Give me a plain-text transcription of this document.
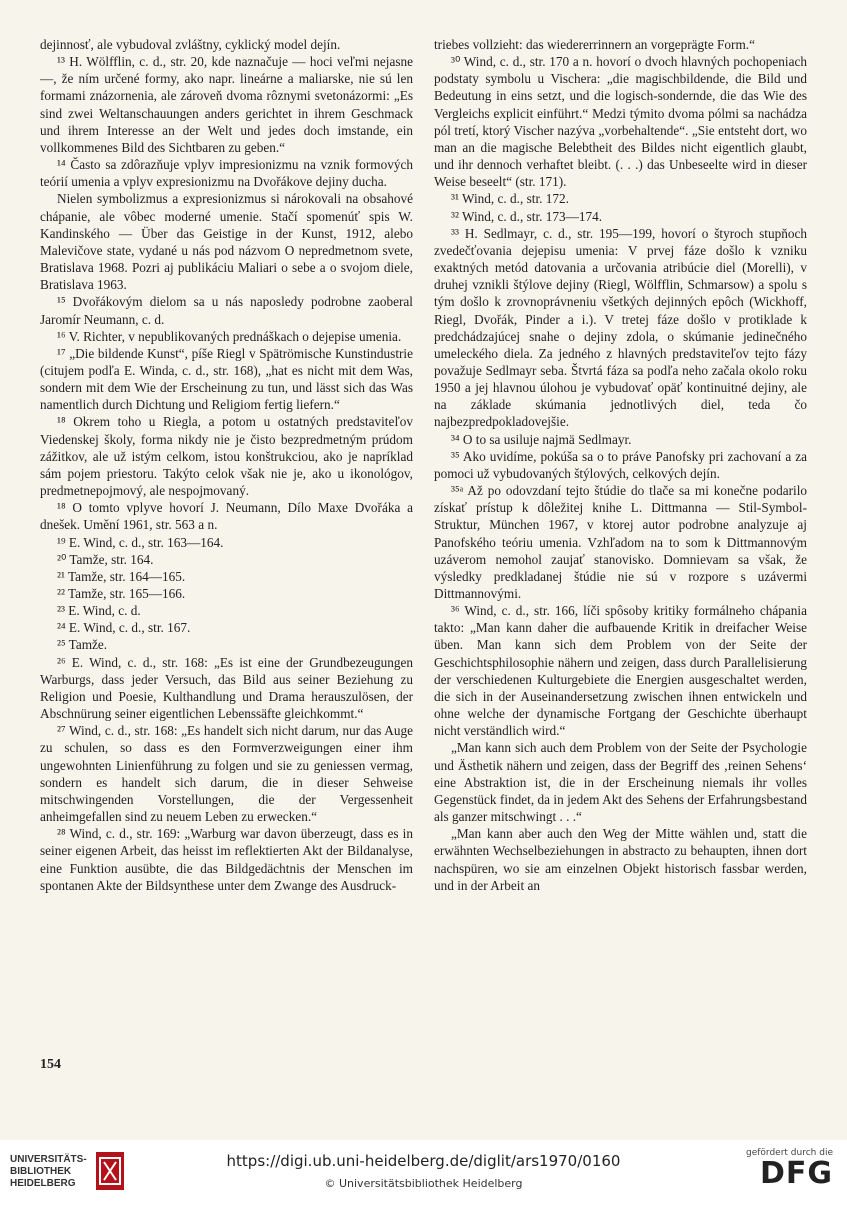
dejinnosť, ale vybudoval zvláštny, cyklický model dejín.

¹³ H. Wölfflin, c. d., str. 20, kde naznačuje — hoci veľmi nejasne —, že ním určené formy, ako napr. lineárne a maliarske, nie sú len formami znázornenia, ale zároveň dvoma rôznymi svetonázormi: „Es sind zwei Weltanschauungen anders gerichtet in ihrem Geschmack und ihrem Interesse an der Welt und jedes doch imstande, ein vollkommenes Bild des Sichtbaren zu geben.“

¹⁴ Často sa zdôrazňuje vplyv impresionizmu na vznik formových teórií umenia a vplyv expresionizmu na Dvořákove dejiny ducha.

Nielen symbolizmus a expresionizmus si nárokovali na obsahové chápanie, ale vôbec moderné umenie. Stačí spomenúť spis W. Kandinského — Über das Geistige in der Kunst, 1912, alebo Malevičove state, vydané u nás pod názvom O nepredmetnom svete, Bratislava 1968. Pozri aj publikáciu Maliari o sebe a o svojom diele, Bratislava 1963.

¹⁵ Dvořákovým dielom sa u nás naposledy podrobne zaoberal Jaromír Neumann, c. d.

¹⁶ V. Richter, v nepublikovaných prednáškach o dejepise umenia.

¹⁷ „Die bildende Kunst“, píše Riegl v Spätrömische Kunstindustrie (citujem podľa E. Winda, c. d., str. 168), „hat es nicht mit dem Was, sondern mit dem Wie der Erscheinung zu tun, und lässt sich das Was namentlich durch Dichtung und Religiom fertig liefern.“

¹⁸ Okrem toho u Riegla, a potom u ostatných predstaviteľov Viedenskej školy, forma nikdy nie je čisto bezpredmetným prúdom zážitkov, ale už istým celkom, istou konštrukciou, ako je napríklad sám pojem priestoru. Takýto celok však nie je, ako u ikonológov, predmetnepojmový, ale nespojmovaný.

¹⁸ O tomto vplyve hovorí J. Neumann, Dílo Maxe Dvořáka a dnešek. Umění 1961, str. 563 a n.

¹⁹ E. Wind, c. d., str. 163—164.

²⁰ Tamže, str. 164.

²¹ Tamže, str. 164—165.

²² Tamže, str. 165—166.

²³ E. Wind, c. d.

²⁴ E. Wind, c. d., str. 167.

²⁵ Tamže.

²⁶ E. Wind, c. d., str. 168: „Es ist eine der Grundbezeugungen Warburgs, dass jeder Versuch, das Bild aus seiner Beziehung zu Religion und Poesie, Kulthandlung und Drama herauszulösen, der Abschnürung seiner eigentlichen Lebenssäfte gleichkommt.“

²⁷ Wind, c. d., str. 168: „Es handelt sich nicht darum, nur das Auge zu schulen, so dass es den Formverzweigungen einer ihm ungewohnten Linienführung zu folgen und sie zu geniessen vermag, sondern es handelt sich darum, die in dieser Sehweise mitschwingenden Vorstellungen, die der Vergessenheit anheimgefallen sind zu neuem Leben zu erwecken.“

²⁸ Wind, c. d., str. 169: „Warburg war davon überzeugt, dass es in seiner eigenen Arbeit, das heisst im reflektierten Akt der Bildanalyse, eine Funktion ausübte, die das Bildgedächtnis der Menschen im spontanen Akte der Bildsynthese unter dem Zwange des Ausdruck-

triebes vollzieht: das wiedererrinnern an vorgeprägte Form.“

³⁰ Wind, c. d., str. 170 a n. hovorí o dvoch hlavných pochopeniach podstaty symbolu u Vischera: „die magischbildende, die Bild und Bedeutung in eins setzt, und die logisch-sondernde, die das Wie des Vergleichs explicit einführt.“ Medzi týmito dvoma pólmi sa nachádza pól tretí, ktorý Vischer nazýva „vorbehaltende“. „Sie entsteht dort, wo man an die magische Belebtheit des Bildes nicht eigentlich glaubt, und ihr dennoch verhaftet bleibt. (. . .) das Unbeseelte wird in dieser Weise beseelt“ (str. 171).

³¹ Wind, c. d., str. 172.

³² Wind, c. d., str. 173—174.

³³ H. Sedlmayr, c. d., str. 195—199, hovorí o štyroch stupňoch zvedečťovania dejepisu umenia: V prvej fáze došlo k vzniku exaktných metód datovania a určovania atribúcie diel (Morelli), v druhej vznikli štýlove dejiny (Riegl, Wölfflin, Schmarsow) a spolu s tým došlo k zrovnoprávneniu všetkých dejinných epôch (Wickhoff, Riegl, Dvořák, Pinder a i.). V tretej fáze došlo v protiklade k predchádzajúcej snahe o dejiny zdola, o skúmanie jedinečného umeleckého diela. Za jedného z hlavných predstaviteľov tejto fázy považuje Sedlmayr seba. Štvrtá fáza sa podľa neho začala okolo roku 1950 a jej hlavnou úlohou je vybudovať opäť kontinuitné dejiny, ale na základe skúmania jednotlivých diel, teda čo najbezpredpokladovejšie.

³⁴ O to sa usiluje najmä Sedlmayr.

³⁵ Ako uvidíme, pokúša sa o to práve Panofsky pri zachovaní a za pomoci už vybudovaných štýlových, celkových dejín.

³⁵ᵃ Až po odovzdaní tejto štúdie do tlače sa mi konečne podarilo získať prístup k dôležitej knihe L. Dittmanna — Stil-Symbol-Struktur, München 1967, v ktorej autor podrobne analyzuje aj Panofského teóriu umenia. Vzhľadom na to som k Dittmannovým uzáverom nemohol zaujať stanovisko. Domnievam sa však, že výsledky predkladanej štúdie nie sú v rozpore s uzávermi Dittmannovými.

³⁶ Wind, c. d., str. 166, líči spôsoby kritiky formálneho chápania takto: „Man kann daher die aufbauende Kritik in dreifacher Weise üben. Man kann sich dem Problem von der Seite der Geschichtsphilosophie nähern und zeigen, dass durch Parallelisierung der verschiedenen Kulturgebiete die Energien ausgeschaltet werden, die sich in der Auseinandersetzung zwischen ihnen entwickeln und ohne welche der dynamische Fortgang der Geschichte überhaupt nicht verständlich wird.“

„Man kann sich auch dem Problem von der Seite der Psychologie und Ästhetik nähern und zeigen, dass der Begriff des ‚reinen Sehens‘ eine Abstraktion ist, die in der Erscheinung niemals ihr volles Gegenstück findet, da in jedem Akt des Sehens der Erfahrungsbestand als ganzer mitschwingt . . .“

„Man kann aber auch den Weg der Mitte wählen und, statt die erwähnten Wechselbeziehungen in abstracto zu behaupten, ihnen dort nachspüren, wo sie am einzelnen Objekt historisch fassbar werden, und in der Arbeit an

154
UNIVERSITÄTS-
BIBLIOTHEK
HEIDELBERG
https://digi.ub.uni-heidelberg.de/diglit/ars1970/0160
© Universitätsbibliothek Heidelberg
gefördert durch die
DFG
